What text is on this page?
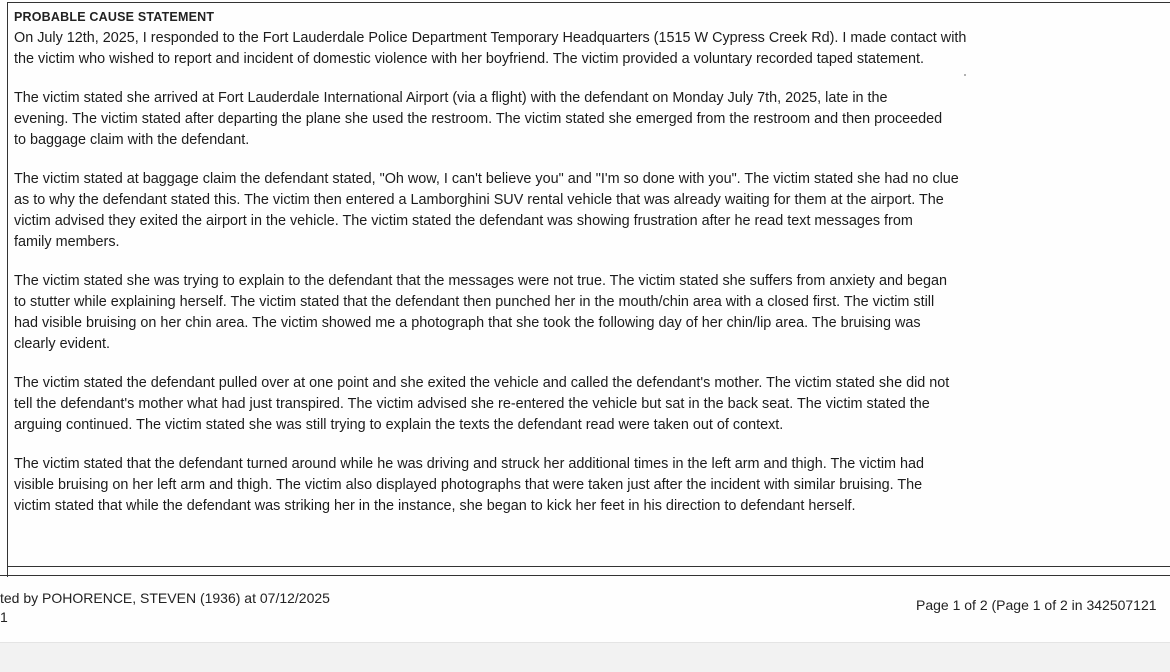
PROBABLE CAUSE STATEMENT
On July 12th, 2025, I responded to the Fort Lauderdale Police Department Temporary Headquarters (1515 W Cypress Creek Rd). I made contact with
the victim who wished to report and incident of domestic violence with her boyfriend. The victim provided a voluntary recorded taped statement.
The victim stated she arrived at Fort Lauderdale International Airport (via a flight) with the defendant on Monday July 7th, 2025, late in the
evening. The victim stated after departing the plane she used the restroom. The victim stated she emerged from the restroom and then proceeded
to baggage claim with the defendant.
The victim stated at baggage claim the defendant stated, "Oh wow, I can't believe you" and "I'm so done with you". The victim stated she had no clue
as to why the defendant stated this. The victim then entered a Lamborghini SUV rental vehicle that was already waiting for them at the airport. The
victim advised they exited the airport in the vehicle. The victim stated the defendant was showing frustration after he read text messages from
family members.
The victim stated she was trying to explain to the defendant that the messages were not true. The victim stated she suffers from anxiety and began
to stutter while explaining herself. The victim stated that the defendant then punched her in the mouth/chin area with a closed first. The victim still
had visible bruising on her chin area. The victim showed me a photograph that she took the following day of her chin/lip area. The bruising was
clearly evident.
The victim stated the defendant pulled over at one point and she exited the vehicle and called the defendant's mother. The victim stated she did not
tell the defendant's mother what had just transpired. The victim advised she re-entered the vehicle but sat in the back seat. The victim stated the
arguing continued. The victim stated she was still trying to explain the texts the defendant read were taken out of context.
The victim stated that the defendant turned around while he was driving and struck her additional times in the left arm and thigh. The victim had
visible bruising on her left arm and thigh. The victim also displayed photographs that were taken just after the incident with similar bruising. The
victim stated that while the defendant was striking her in the instance, she began to kick her feet in his direction to defendant herself.
ted by POHORENCE, STEVEN (1936) at 07/12/2025
1
Page 1 of 2 (Page 1 of 2 in 342507121
